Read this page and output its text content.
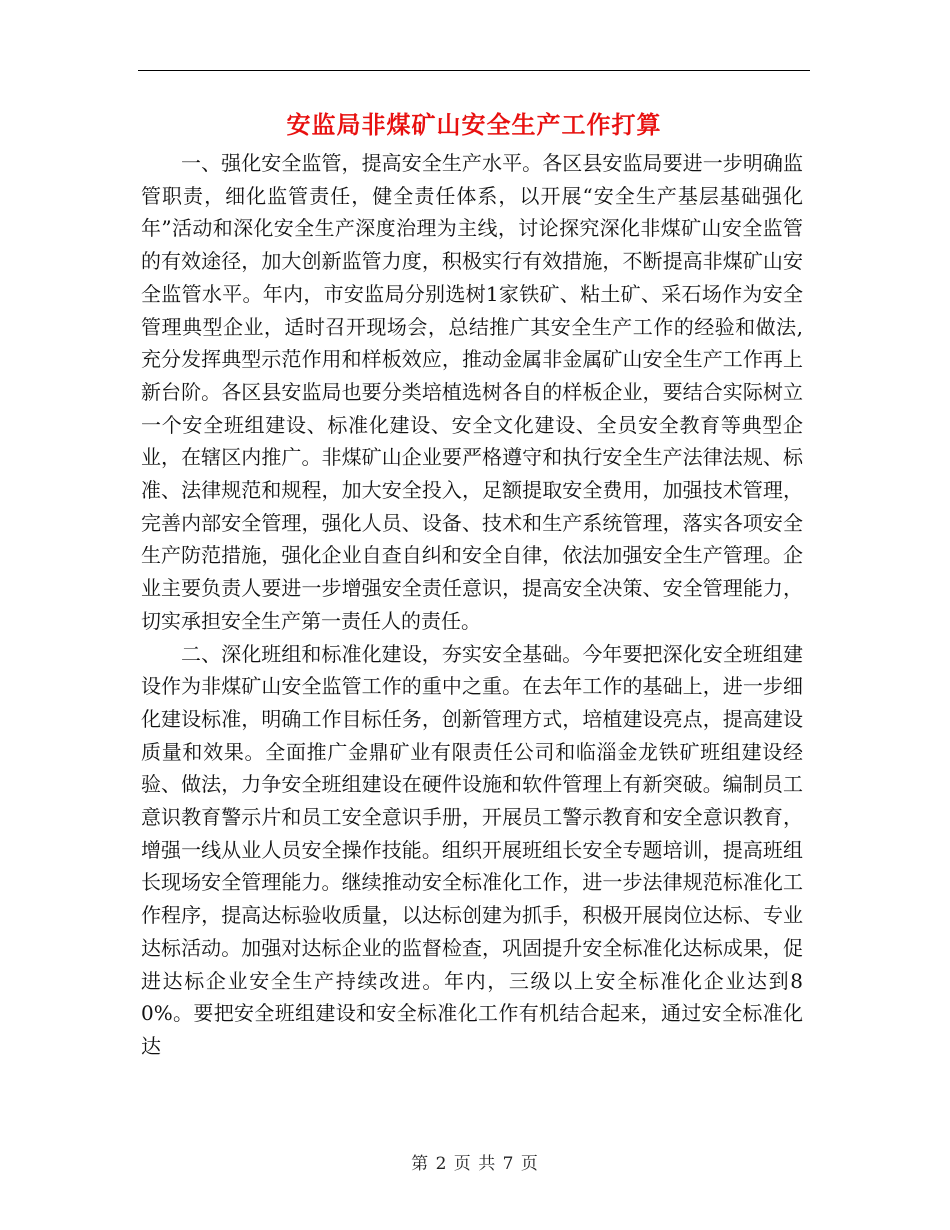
安监局非煤矿山安全生产工作打算

一、强化安全监管，提高安全生产水平。各区县安监局要进一步明确监管职责，细化监管责任，健全责任体系，以开展“安全生产基层基础强化年”活动和深化安全生产深度治理为主线，讨论探究深化非煤矿山安全监管的有效途径，加大创新监管力度，积极实行有效措施，不断提高非煤矿山安全监管水平。年内，市安监局分别选树1家铁矿、粘土矿、采石场作为安全管理典型企业，适时召开现场会，总结推广其安全生产工作的经验和做法,充分发挥典型示范作用和样板效应，推动金属非金属矿山安全生产工作再上新台阶。各区县安监局也要分类培植选树各自的样板企业，要结合实际树立一个安全班组建设、标准化建设、安全文化建设、全员安全教育等典型企业，在辖区内推广。非煤矿山企业要严格遵守和执行安全生产法律法规、标准、法律规范和规程，加大安全投入，足额提取安全费用，加强技术管理，完善内部安全管理，强化人员、设备、技术和生产系统管理，落实各项安全生产防范措施，强化企业自查自纠和安全自律，依法加强安全生产管理。企业主要负责人要进一步增强安全责任意识，提高安全决策、安全管理能力，切实承担安全生产第一责任人的责任。

二、深化班组和标准化建设，夯实安全基础。今年要把深化安全班组建设作为非煤矿山安全监管工作的重中之重。在去年工作的基础上，进一步细化建设标准，明确工作目标任务，创新管理方式，培植建设亮点，提高建设质量和效果。全面推广金鼎矿业有限责任公司和临淄金龙铁矿班组建设经验、做法，力争安全班组建设在硬件设施和软件管理上有新突破。编制员工意识教育警示片和员工安全意识手册，开展员工警示教育和安全意识教育，增强一线从业人员安全操作技能。组织开展班组长安全专题培训，提高班组长现场安全管理能力。继续推动安全标准化工作，进一步法律规范标准化工作程序，提高达标验收质量，以达标创建为抓手，积极开展岗位达标、专业达标活动。加强对达标企业的监督检查，巩固提升安全标准化达标成果，促进达标企业安全生产持续改进。年内，三级以上安全标准化企业达到80%。要把安全班组建设和安全标准化工作有机结合起来，通过安全标准化达

第 2 页 共 7 页
